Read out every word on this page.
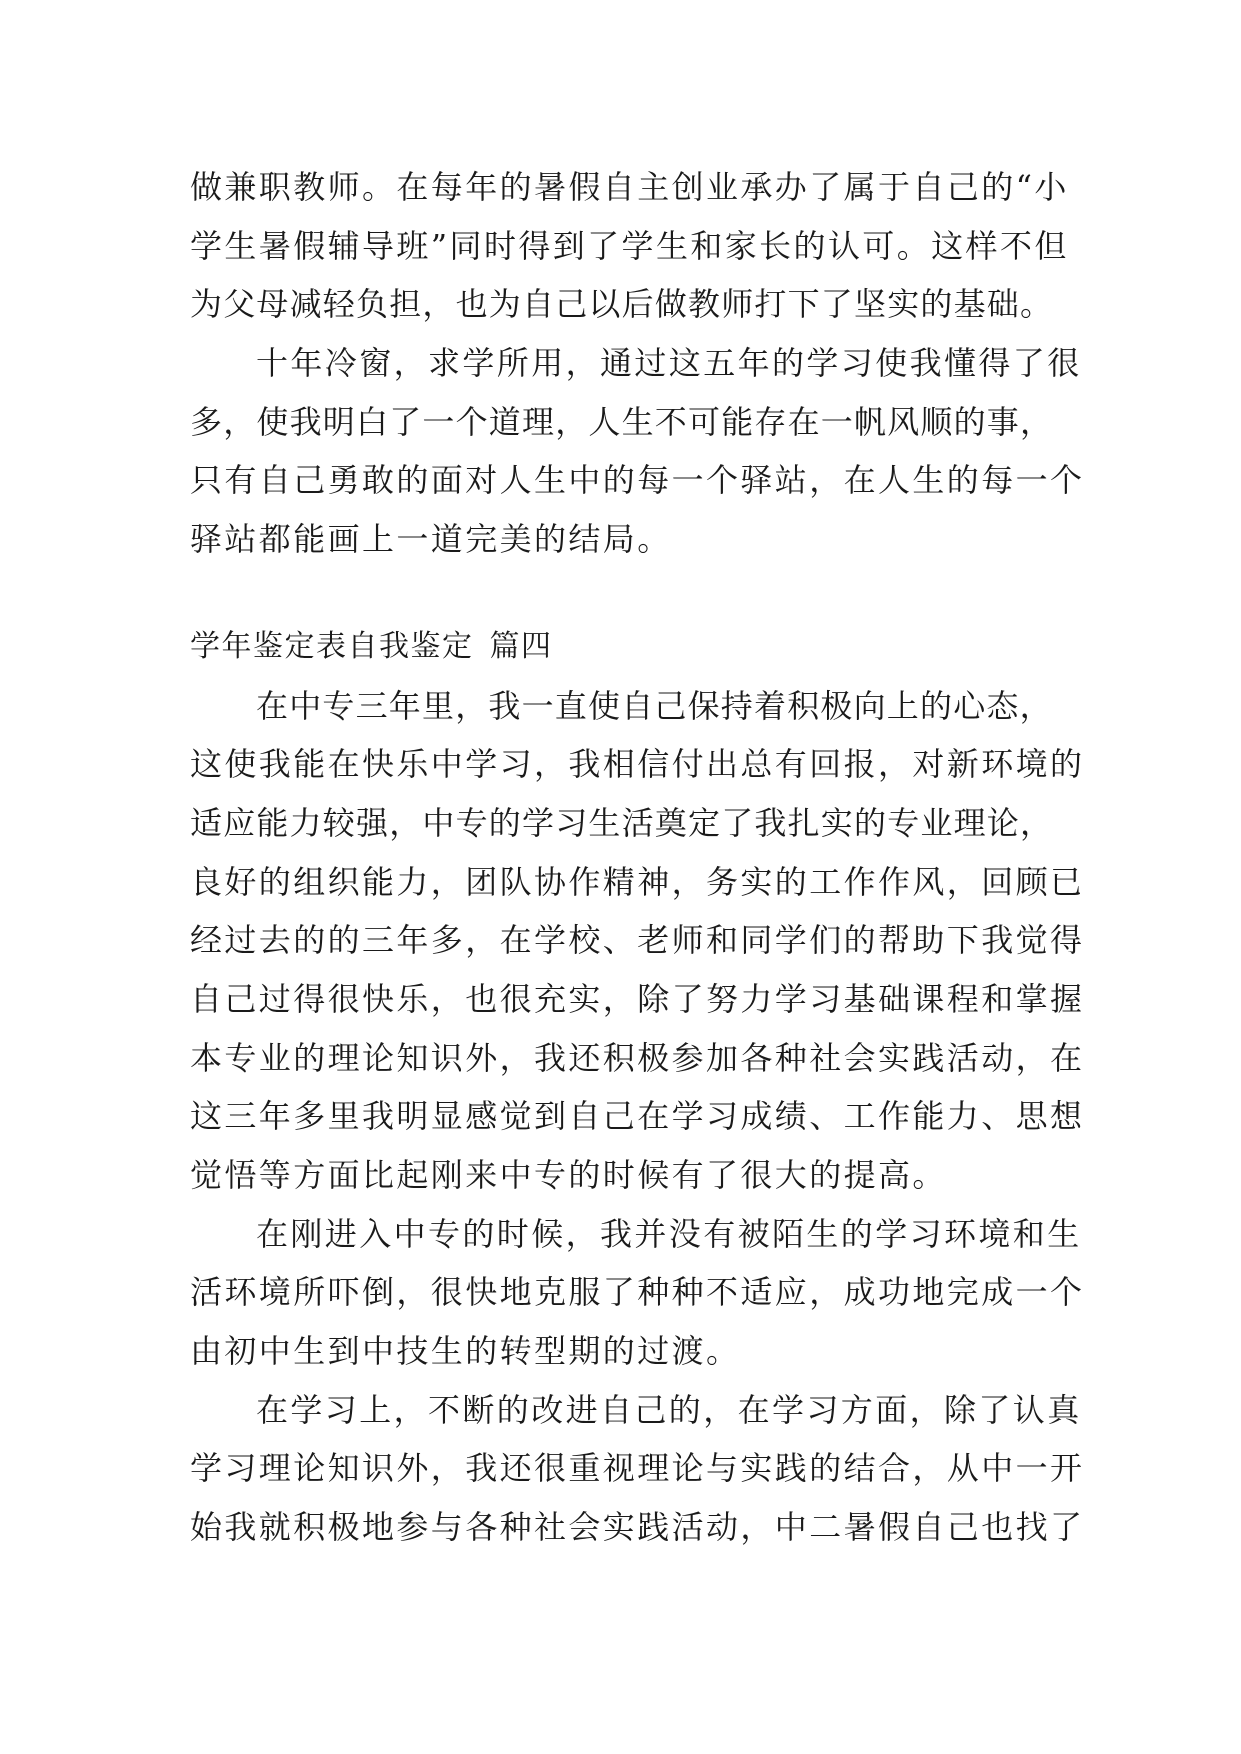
做兼职教师。在每年的暑假自主创业承办了属于自己的“小
学生暑假辅导班”同时得到了学生和家长的认可。这样不但
为父母减轻负担，也为自己以后做教师打下了坚实的基础。
十年冷窗，求学所用，通过这五年的学习使我懂得了很
多，使我明白了一个道理，人生不可能存在一帆风顺的事，
只有自己勇敢的面对人生中的每一个驿站，在人生的每一个
驿站都能画上一道完美的结局。
学年鉴定表自我鉴定 篇四
在中专三年里，我一直使自己保持着积极向上的心态，
这使我能在快乐中学习，我相信付出总有回报，对新环境的
适应能力较强，中专的学习生活奠定了我扎实的专业理论，
良好的组织能力，团队协作精神，务实的工作作风，回顾已
经过去的的三年多，在学校、老师和同学们的帮助下我觉得
自己过得很快乐，也很充实，除了努力学习基础课程和掌握
本专业的理论知识外，我还积极参加各种社会实践活动，在
这三年多里我明显感觉到自己在学习成绩、工作能力、思想
觉悟等方面比起刚来中专的时候有了很大的提高。
在刚进入中专的时候，我并没有被陌生的学习环境和生
活环境所吓倒，很快地克服了种种不适应，成功地完成一个
由初中生到中技生的转型期的过渡。
在学习上，不断的改进自己的，在学习方面，除了认真
学习理论知识外，我还很重视理论与实践的结合，从中一开
始我就积极地参与各种社会实践活动，中二暑假自己也找了
